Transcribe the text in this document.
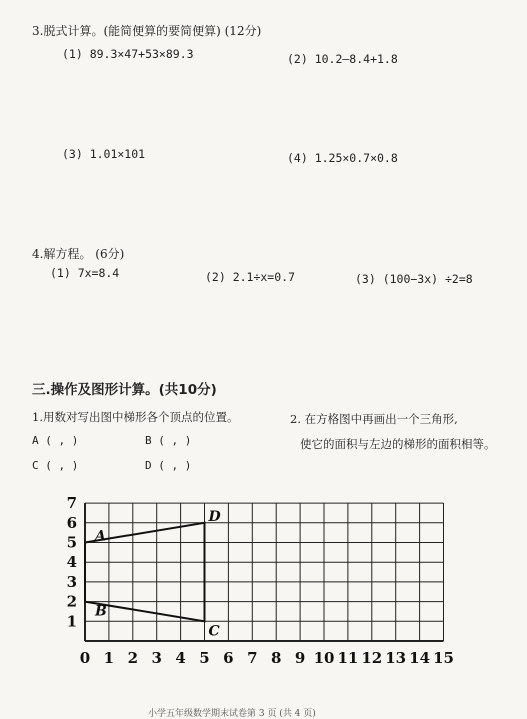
3.脱式计算。(能简便算的要简便算) (12分)
(1) 89.3×47+53×89.3	(2) 10.2—8.4+1.8
(3) 1.01×101	(4) 1.25×0.7×0.8
4.解方程。 (6分)
(1) 7x=8.4	(2) 2.1÷x=0.7	(3) (100−3x) ÷2=8
三.操作及图形计算。(共10分)
1.用数对写出图中梯形各个顶点的位置。	2. 在方格图中再画出一个三角形,
使它的面积与左边的梯形的面积相等。
A ( , )	B ( , )
C ( , )	D ( , )
0 1 2 3 4 5 6 7 8 9 10 11 12 13 14 15
1
2
3
4
5
6
7
A
B
C
D
小学五年级数学期末试卷第 3 页 (共 4 页)
